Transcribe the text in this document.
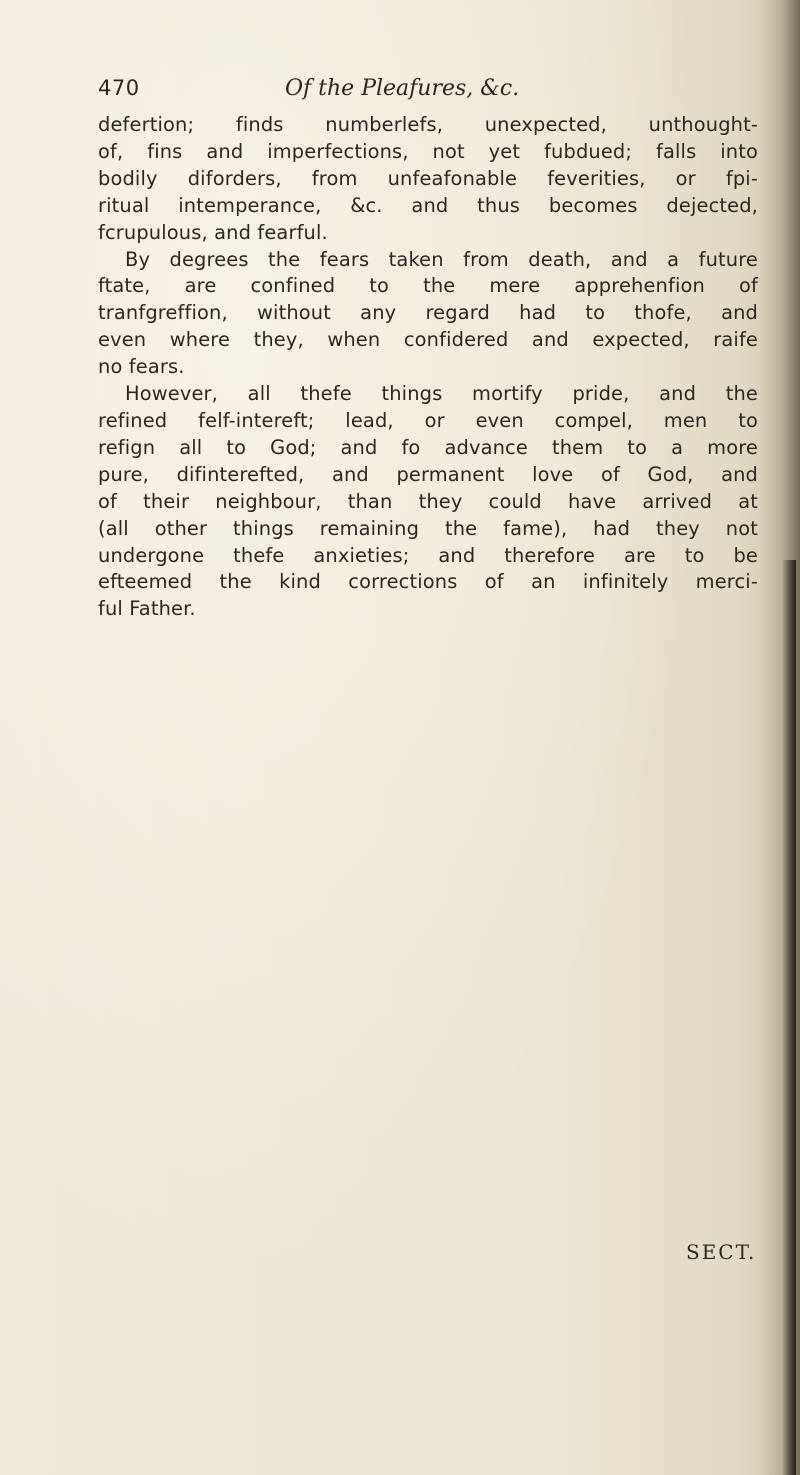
470	Of the Pleafures, &c.
defertion; finds numberlefs, unexpected, unthought-
of, fins and imperfections, not yet fubdued; falls into
bodily diforders, from unfeafonable feverities, or fpi-
ritual intemperance, &c. and thus becomes dejected,
fcrupulous, and fearful.
By degrees the fears taken from death, and a future
ftate, are confined to the mere apprehenfion of
tranfgreffion, without any regard had to thofe, and
even where they, when confidered and expected, raife
no fears.
However, all thefe things mortify pride, and the
refined felf-intereft; lead, or even compel, men to
refign all to God; and fo advance them to a more
pure, difinterefted, and permanent love of God, and
of their neighbour, than they could have arrived at
(all other things remaining the fame), had they not
undergone thefe anxieties; and therefore are to be
efteemed the kind corrections of an infinitely merci-
ful Father.
SECT.
